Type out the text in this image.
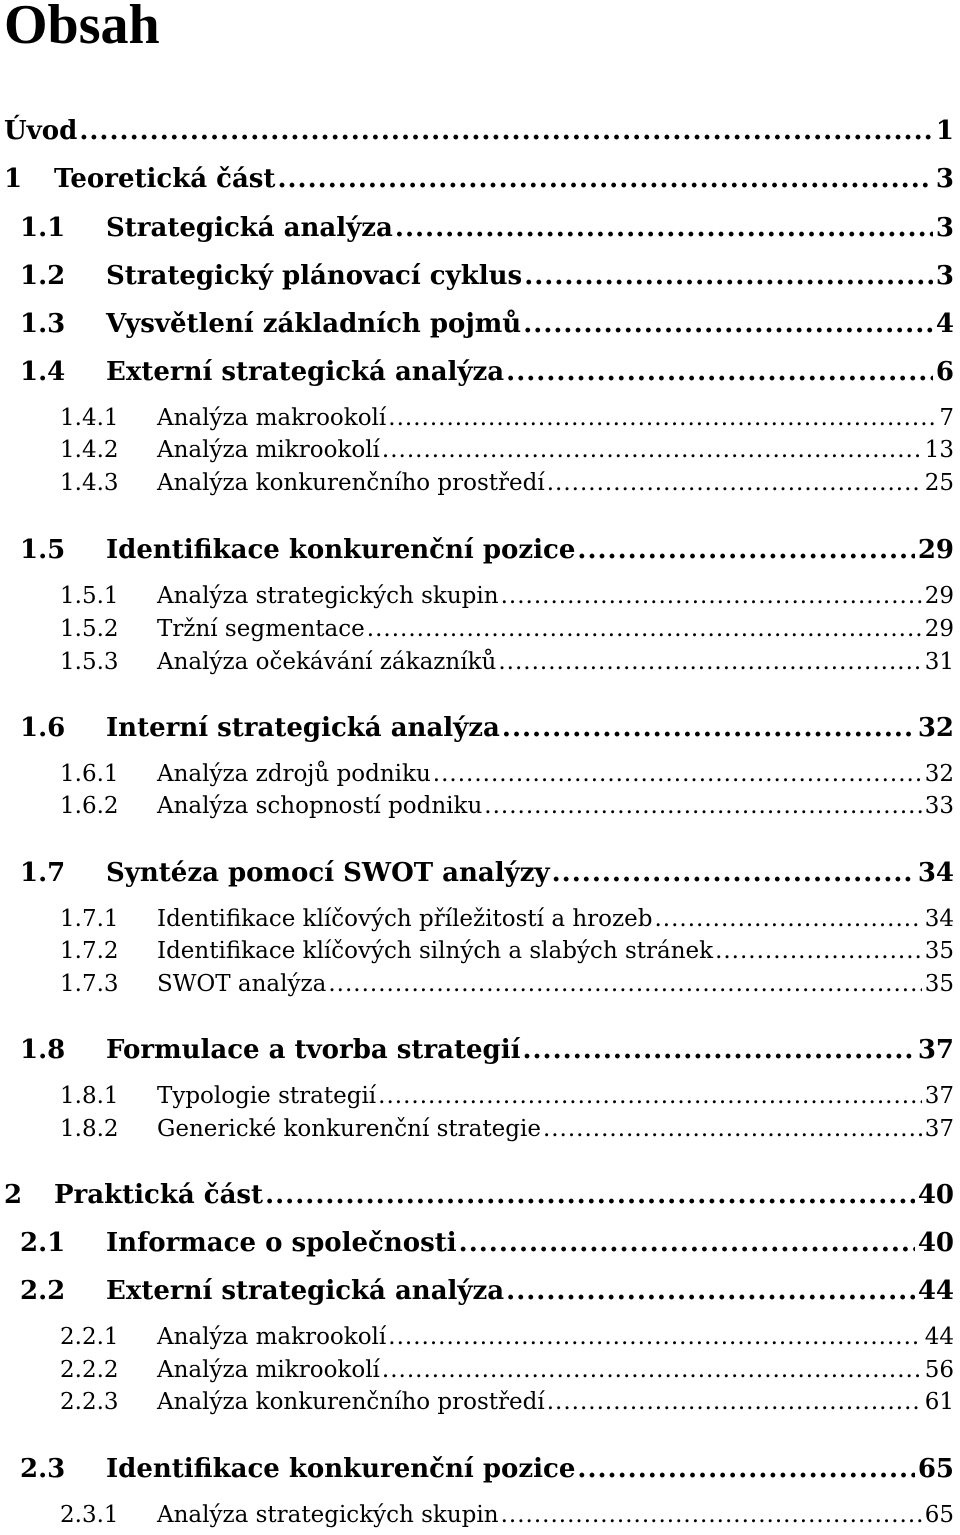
Obsah
Úvod .....	1
1	Teoretická část .....	3
1.1	Strategická analýza .....	3
1.2	Strategický plánovací cyklus .....	3
1.3	Vysvětlení základních pojmů .....	4
1.4	Externí strategická analýza .....	6
1.4.1	Analýza makrookolí .....	7
1.4.2	Analýza mikrookolí .....	13
1.4.3	Analýza konkurenčního prostředí .....	25
1.5	Identifikace konkurenční pozice .....	29
1.5.1	Analýza strategických skupin .....	29
1.5.2	Tržní segmentace .....	29
1.5.3	Analýza očekávání zákazníků .....	31
1.6	Interní strategická analýza .....	32
1.6.1	Analýza zdrojů podniku .....	32
1.6.2	Analýza schopností podniku .....	33
1.7	Syntéza pomocí SWOT analýzy .....	34
1.7.1	Identifikace klíčových příležitostí a hrozeb .....	34
1.7.2	Identifikace klíčových silných a slabých stránek .....	35
1.7.3	SWOT analýza .....	35
1.8	Formulace a tvorba strategií .....	37
1.8.1	Typologie strategií .....	37
1.8.2	Generické konkurenční strategie .....	37
2	Praktická část .....	40
2.1	Informace o společnosti .....	40
2.2	Externí strategická analýza .....	44
2.2.1	Analýza makrookolí .....	44
2.2.2	Analýza mikrookolí .....	56
2.2.3	Analýza konkurenčního prostředí .....	61
2.3	Identifikace konkurenční pozice .....	65
2.3.1	Analýza strategických skupin .....	65
